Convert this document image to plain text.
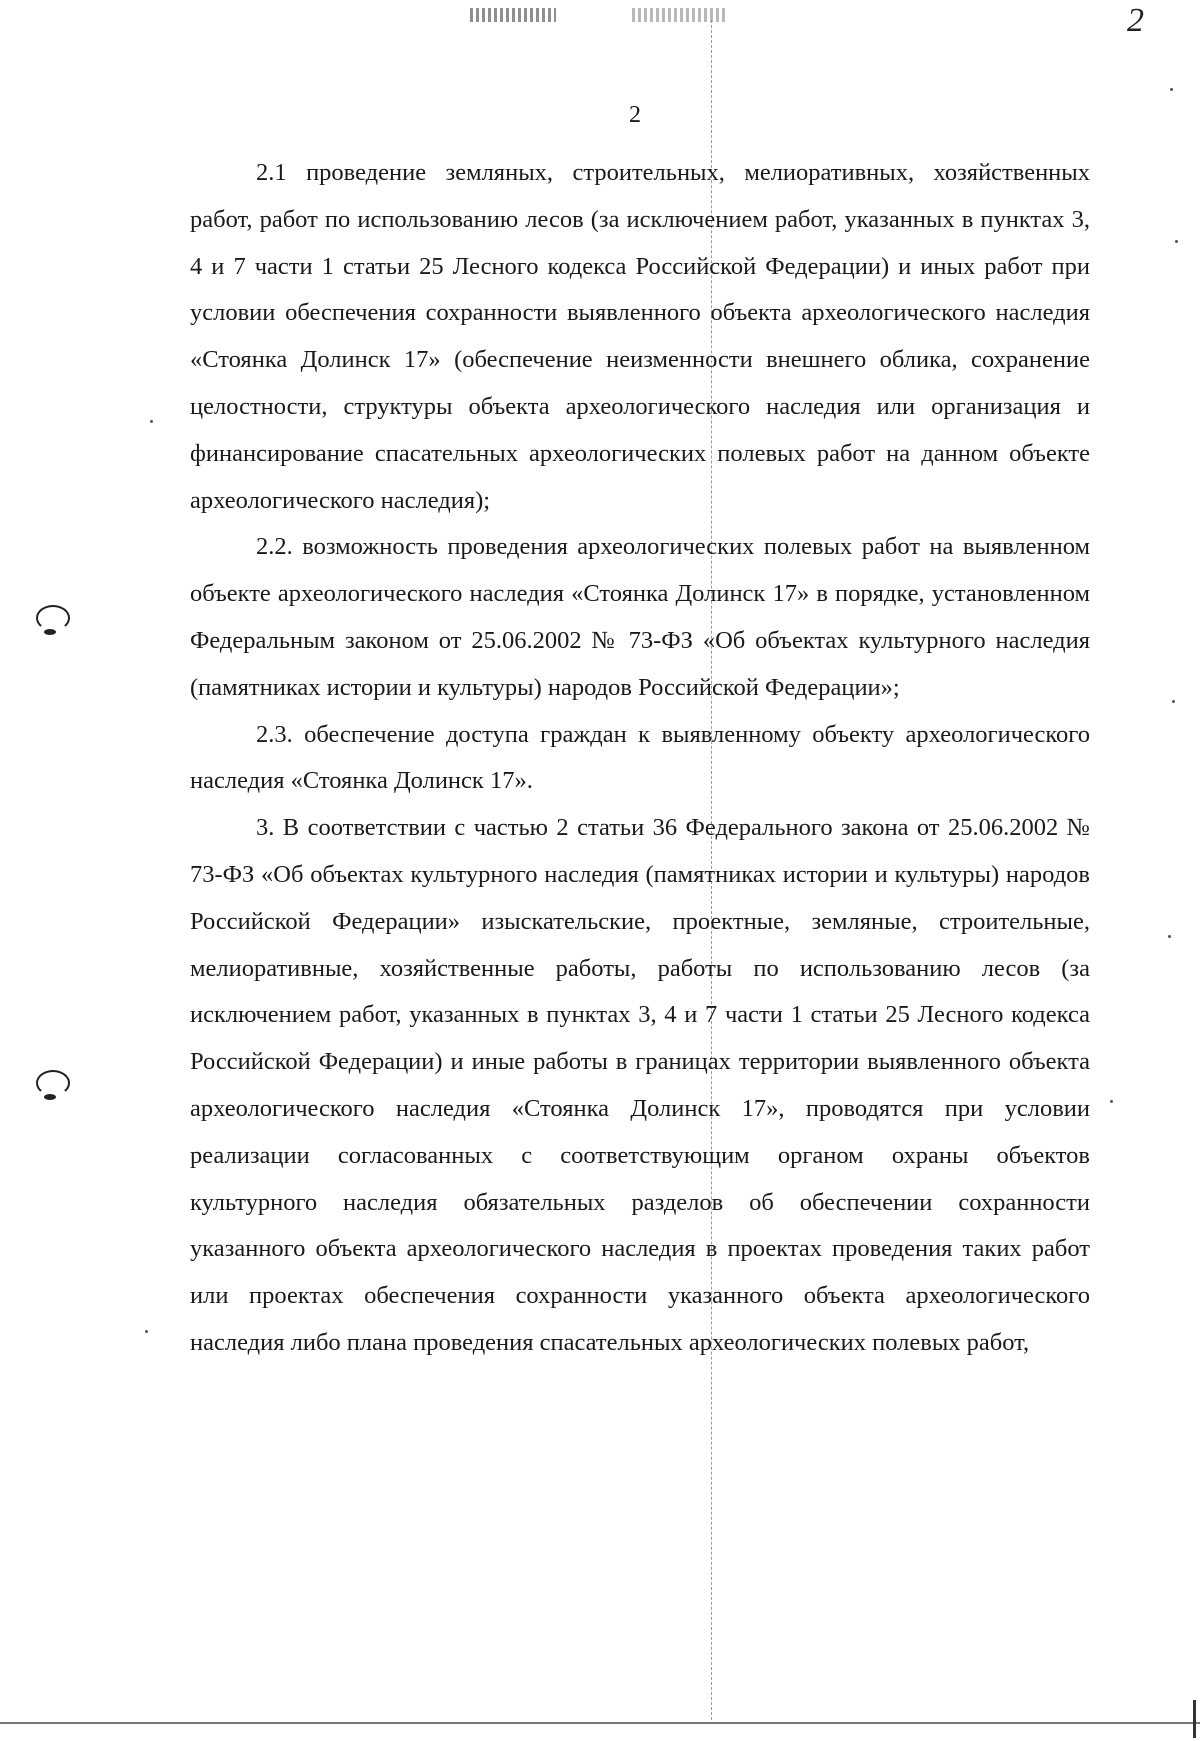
2
2

2.1 проведение земляных, строительных, мелиоративных, хозяйственных работ, работ по использованию лесов (за исключением работ, указанных в пунктах 3, 4 и 7 части 1 статьи 25 Лесного кодекса Российской Федерации) и иных работ при условии обеспечения сохранности выявленного объекта археологического наследия «Стоянка Долинск 17» (обеспечение неизменности внешнего облика, сохранение целостности, структуры объекта археологического наследия или организация и финансирование спасательных археологических полевых работ на данном объекте археологического наследия);

2.2. возможность проведения археологических полевых работ на выявленном объекте археологического наследия «Стоянка Долинск 17» в порядке, установленном Федеральным законом от 25.06.2002 № 73-ФЗ «Об объектах культурного наследия (памятниках истории и культуры) народов Российской Федерации»;

2.3. обеспечение доступа граждан к выявленному объекту археологического наследия «Стоянка Долинск 17».

3. В соответствии с частью 2 статьи 36 Федерального закона от 25.06.2002 № 73-ФЗ «Об объектах культурного наследия (памятниках истории и культуры) народов Российской Федерации» изыскательские, проектные, земляные, строительные, мелиоративные, хозяйственные работы, работы по использованию лесов (за исключением работ, указанных в пунктах 3, 4 и 7 части 1 статьи 25 Лесного кодекса Российской Федерации) и иные работы в границах территории выявленного объекта археологического наследия «Стоянка Долинск 17», проводятся при условии реализации согласованных с соответствующим органом охраны объектов культурного наследия обязательных разделов об обеспечении сохранности указанного объекта археологического наследия в проектах проведения таких работ или проектах обеспечения сохранности указанного объекта археологического наследия либо плана проведения спасательных археологических полевых работ,
